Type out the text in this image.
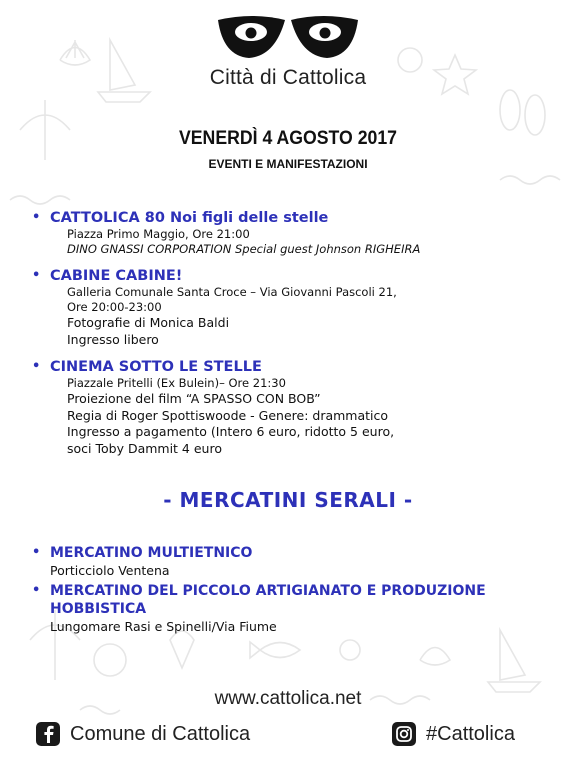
Città di Cattolica
VENERDÌ 4 AGOSTO 2017
EVENTI E MANIFESTAZIONI
• CATTOLICA 80 Noi figli delle stelle
Piazza Primo Maggio, Ore 21:00
DINO GNASSI CORPORATION Special guest Johnson RIGHEIRA
• CABINE CABINE!
Galleria Comunale Santa Croce – Via Giovanni Pascoli 21,
Ore 20:00-23:00
Fotografie di Monica Baldi
Ingresso libero
• CINEMA SOTTO LE STELLE
Piazzale Pritelli (Ex Bulein)– Ore 21:30
Proiezione del film “A SPASSO CON BOB”
Regia di Roger Spottiswoode - Genere: drammatico
Ingresso a pagamento (Intero 6 euro, ridotto 5 euro,
soci Toby Dammit 4 euro
- MERCATINI SERALI -
• MERCATINO MULTIETNICO
Porticciolo Ventena
• MERCATINO DEL PICCOLO ARTIGIANATO E PRODUZIONE
HOBBISTICA
Lungomare Rasi e Spinelli/Via Fiume
www.cattolica.net
Comune di Cattolica	#Cattolica
